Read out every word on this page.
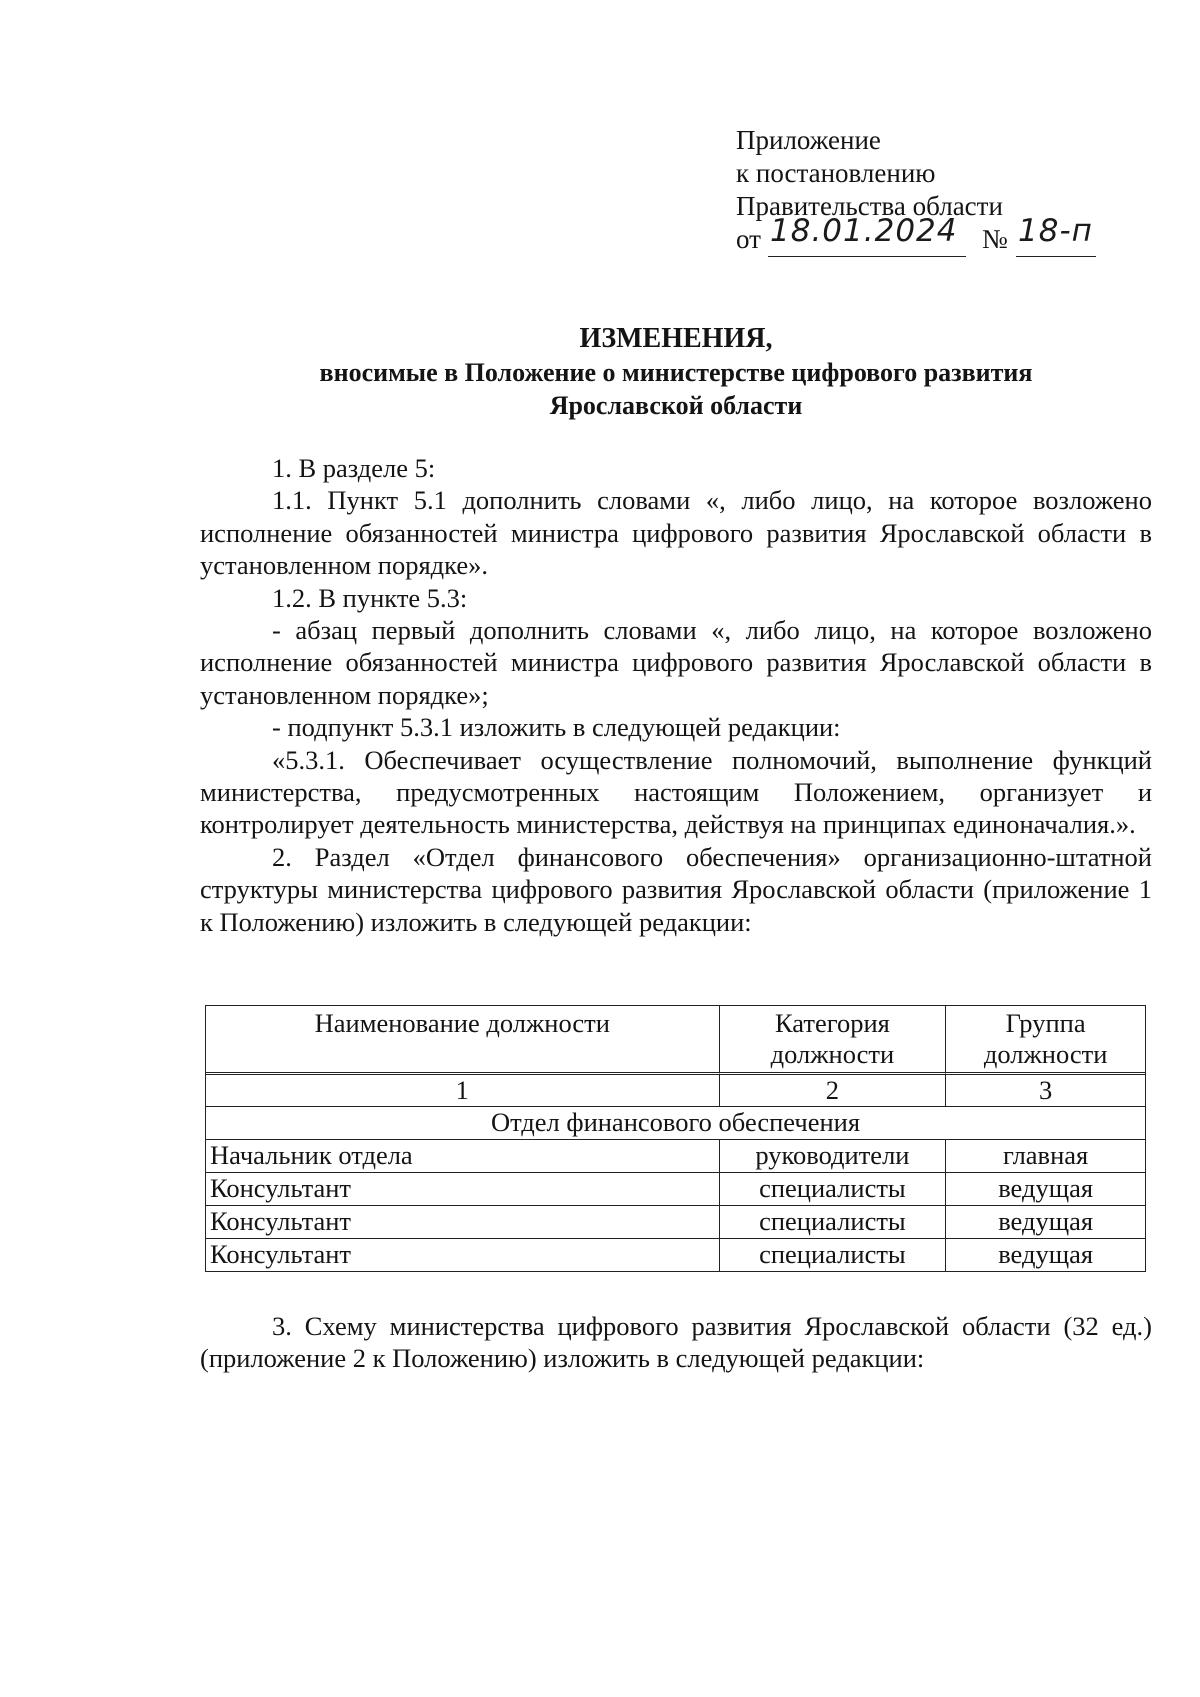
Приложение
к постановлению
Правительства области
от 18.01.2024 № 18-п
ИЗМЕНЕНИЯ,
вносимые в Положение о министерстве цифрового развития
Ярославской области

1. В разделе 5:

1.1. Пункт 5.1 дополнить словами «, либо лицо, на которое возложено исполнение обязанностей министра цифрового развития Ярославской области в установленном порядке».

1.2. В пункте 5.3:

- абзац первый дополнить словами «, либо лицо, на которое возложено исполнение обязанностей министра цифрового развития Ярославской области в установленном порядке»;

- подпункт 5.3.1 изложить в следующей редакции:

«5.3.1. Обеспечивает осуществление полномочий, выполнение функций министерства, предусмотренных настоящим Положением, организует и контролирует деятельность министерства, действуя на принципах единоначалия.».

2. Раздел «Отдел финансового обеспечения» организационно-штатной структуры министерства цифрового развития Ярославской области (приложение 1 к Положению) изложить в следующей редакции:

Наименование должности	Категория должности	Группа должности
1	2	3
Отдел финансового обеспечения		
Начальник отдела	руководители	главная
Консультант	специалисты	ведущая
Консультант	специалисты	ведущая
Консультант	специалисты	ведущая

3. Схему министерства цифрового развития Ярославской области (32 ед.) (приложение 2 к Положению) изложить в следующей редакции:
